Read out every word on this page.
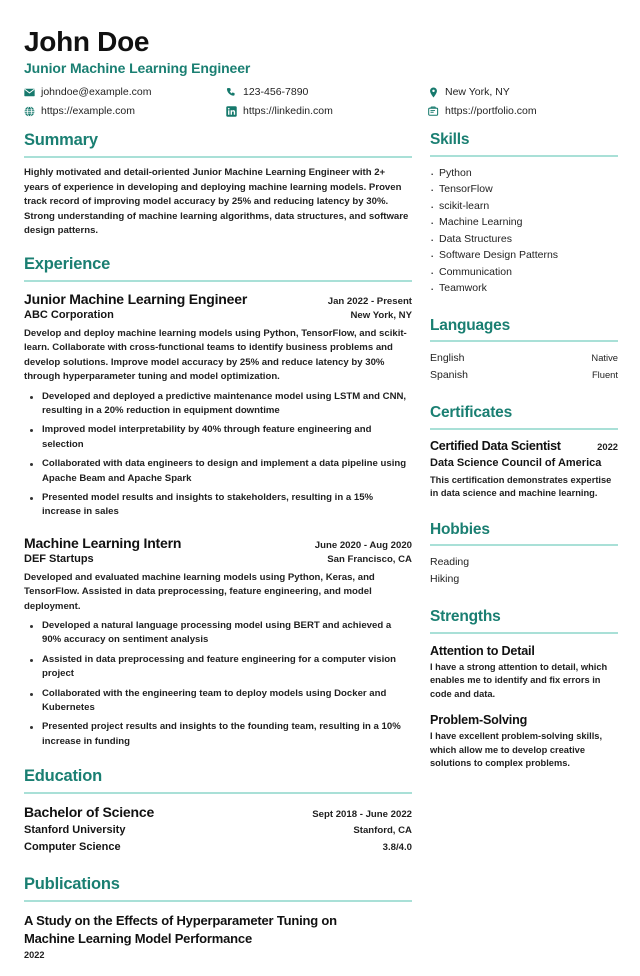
John Doe
Junior Machine Learning Engineer
johndoe@example.com	123-456-7890	New York, NY
https://example.com	https://linkedin.com	https://portfolio.com
Summary
Highly motivated and detail-oriented Junior Machine Learning Engineer with 2+ years of experience in developing and deploying machine learning models. Proven track record of improving model accuracy by 25% and reducing latency by 30%. Strong understanding of machine learning algorithms, data structures, and software design patterns.
Experience
Junior Machine Learning Engineer	Jan 2022 - Present
ABC Corporation	New York, NY
Develop and deploy machine learning models using Python, TensorFlow, and scikit-learn. Collaborate with cross-functional teams to identify business problems and develop solutions. Improve model accuracy by 25% and reduce latency by 30% through hyperparameter tuning and model optimization.
Developed and deployed a predictive maintenance model using LSTM and CNN, resulting in a 20% reduction in equipment downtime
Improved model interpretability by 40% through feature engineering and selection
Collaborated with data engineers to design and implement a data pipeline using Apache Beam and Apache Spark
Presented model results and insights to stakeholders, resulting in a 15% increase in sales
Machine Learning Intern	June 2020 - Aug 2020
DEF Startups	San Francisco, CA
Developed and evaluated machine learning models using Python, Keras, and TensorFlow. Assisted in data preprocessing, feature engineering, and model deployment.
Developed a natural language processing model using BERT and achieved a 90% accuracy on sentiment analysis
Assisted in data preprocessing and feature engineering for a computer vision project
Collaborated with the engineering team to deploy models using Docker and Kubernetes
Presented project results and insights to the founding team, resulting in a 10% increase in funding
Education
Bachelor of Science	Sept 2018 - June 2022
Stanford University	Stanford, CA
Computer Science	3.8/4.0
Publications
A Study on the Effects of Hyperparameter Tuning on Machine Learning Model Performance
2022
Skills
· Python
· TensorFlow
· scikit-learn
· Machine Learning
· Data Structures
· Software Design Patterns
· Communication
· Teamwork
Languages
English	Native
Spanish	Fluent
Certificates
Certified Data Scientist	2022
Data Science Council of America
This certification demonstrates expertise in data science and machine learning.
Hobbies
Reading
Hiking
Strengths
Attention to Detail
I have a strong attention to detail, which enables me to identify and fix errors in code and data.
Problem-Solving
I have excellent problem-solving skills, which allow me to develop creative solutions to complex problems.
